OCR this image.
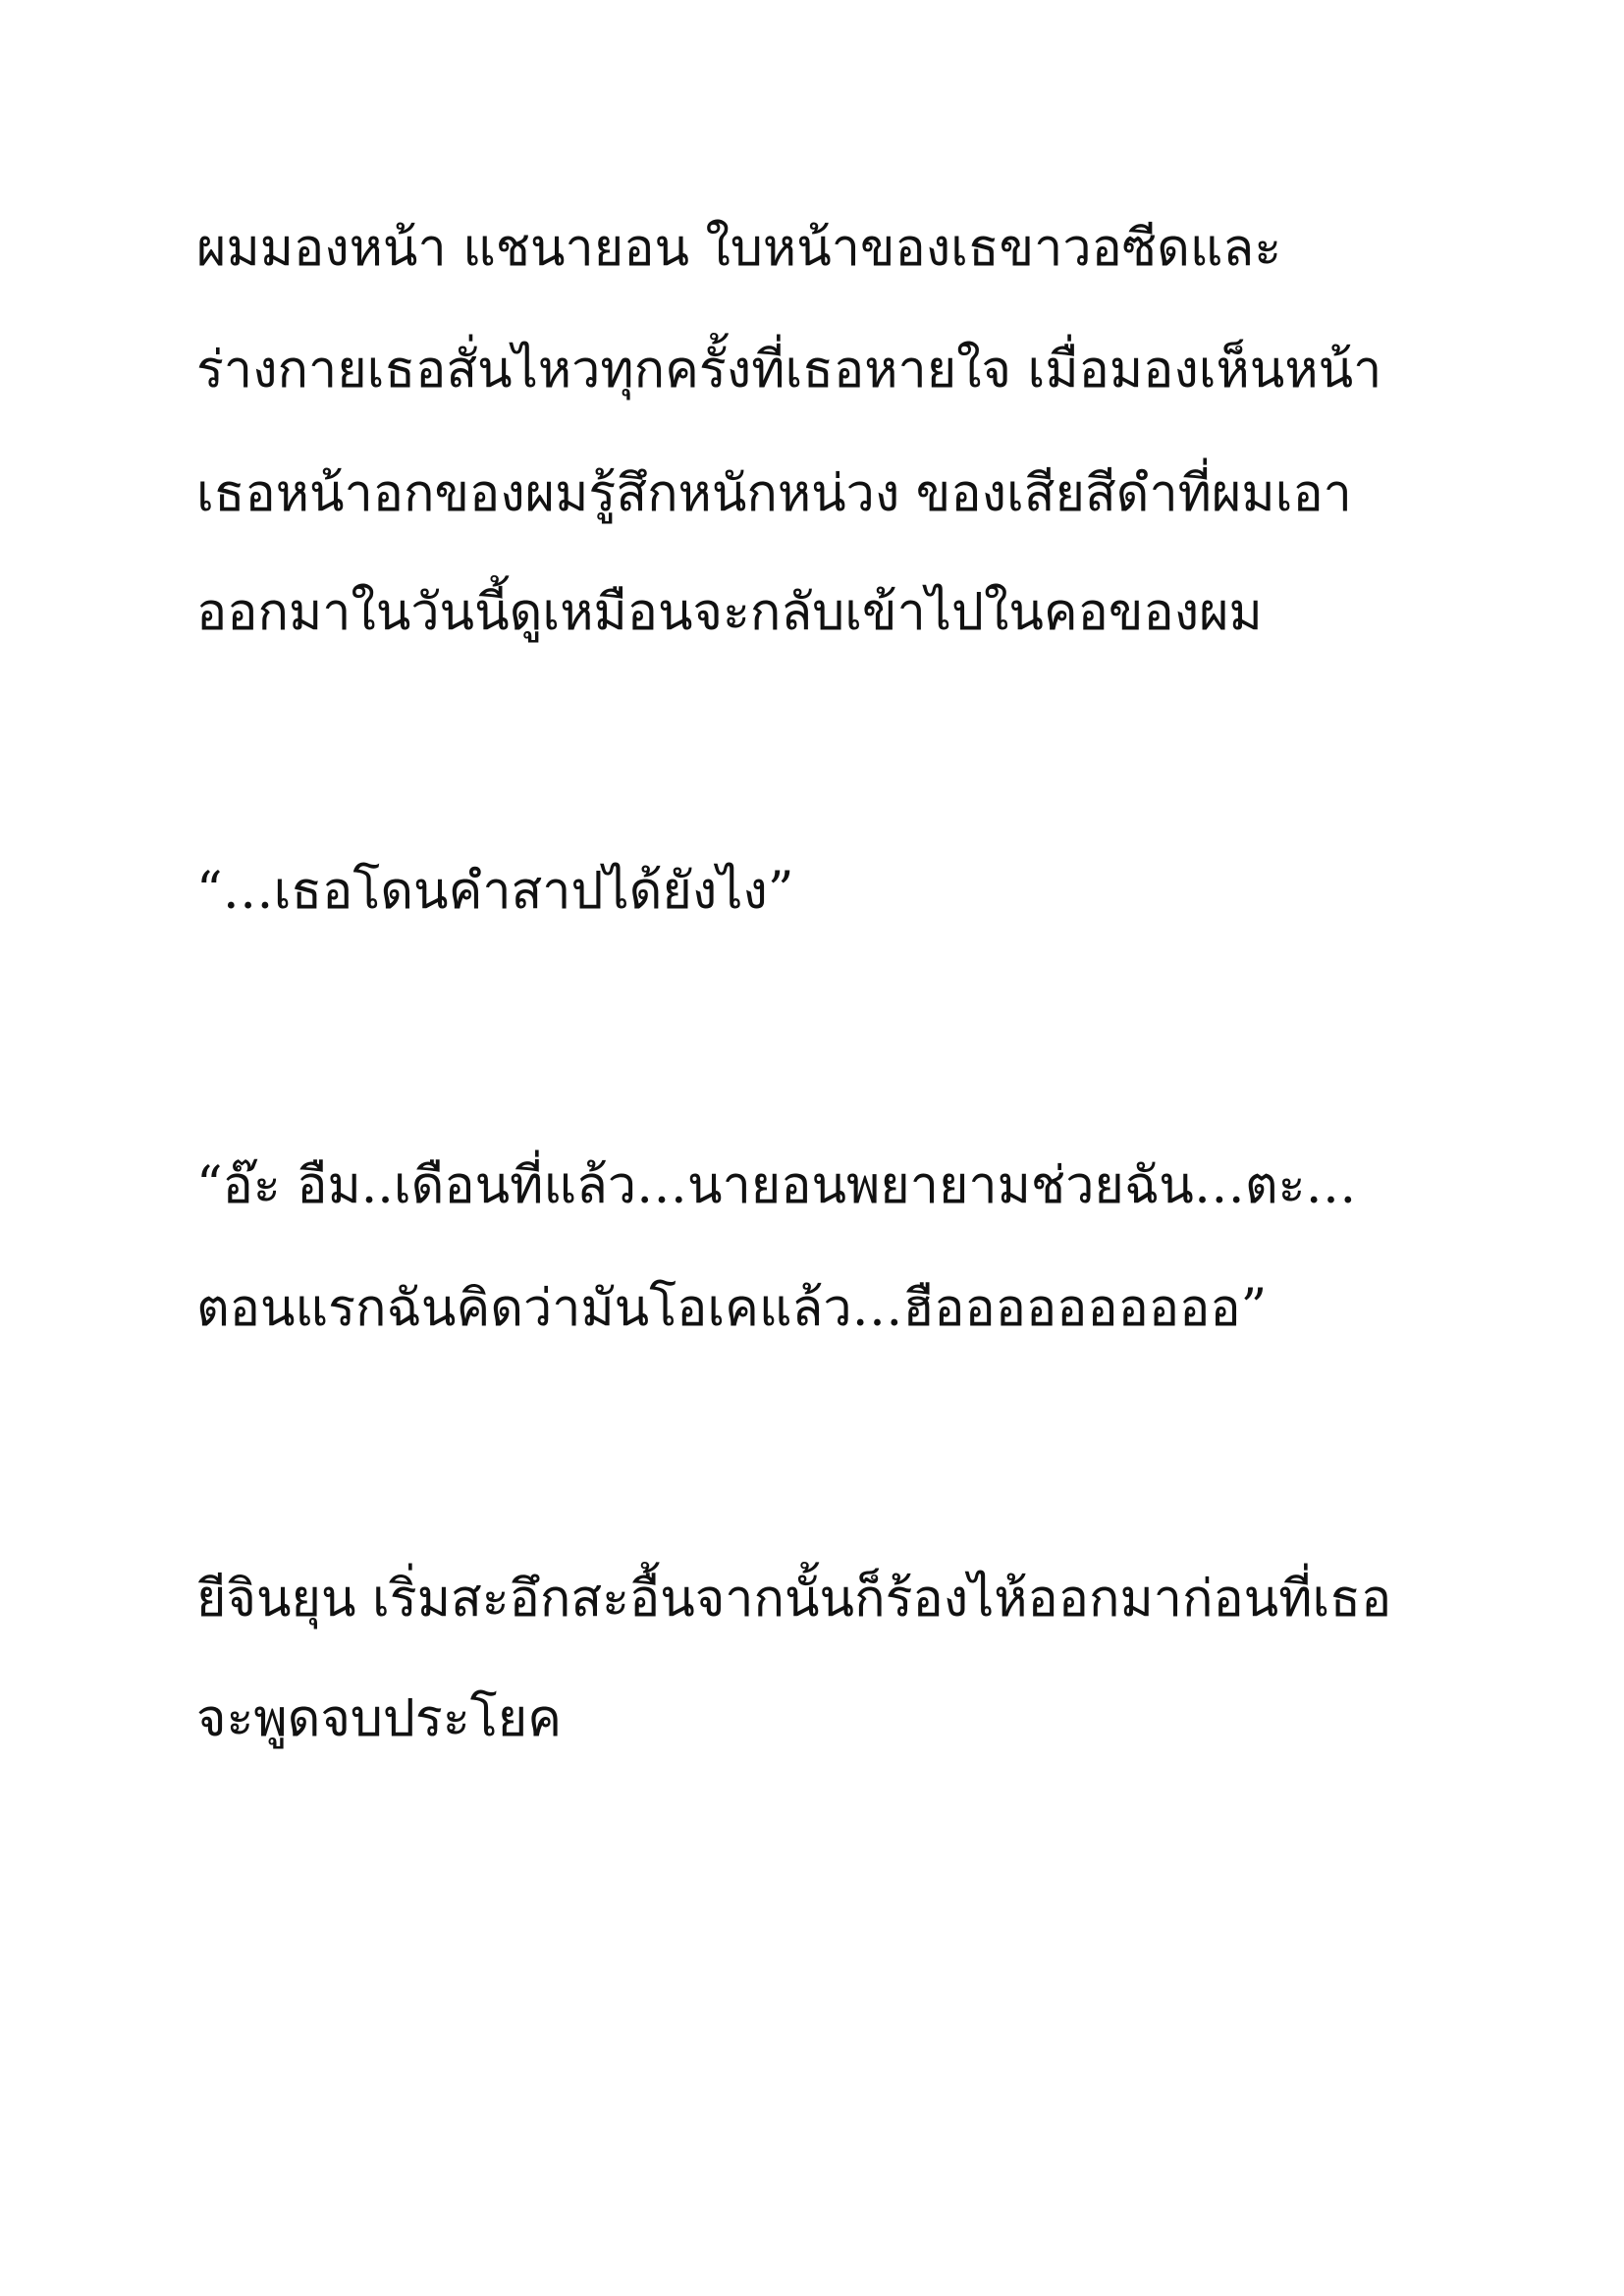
ผมมองหน้า แชนายอน ใบหน้าของเธขาวอซีดและ

ร่างกายเธอสั่นไหวทุกครั้งที่เธอหายใจ เมื่อมองเห็นหน้า

เธอหน้าอกของผมรู้สึกหนักหน่วง ของเสียสีดำที่ผมเอา

ออกมาในวันนี้ดูเหมือนจะกลับเข้าไปในคอของผม

“…เธอโดนคำสาปได้ยังไง”

“อ๊ะ อืม..เดือนที่แล้ว…นายอนพยายามช่วยฉัน…ตะ…

ตอนแรกฉันคิดว่ามันโอเคแล้ว…ฮืออออออออออ”

ยีจินยุน เริ่มสะอึกสะอื้นจากนั้นก็ร้องไห้ออกมาก่อนที่เธอ

จะพูดจบประโยค
